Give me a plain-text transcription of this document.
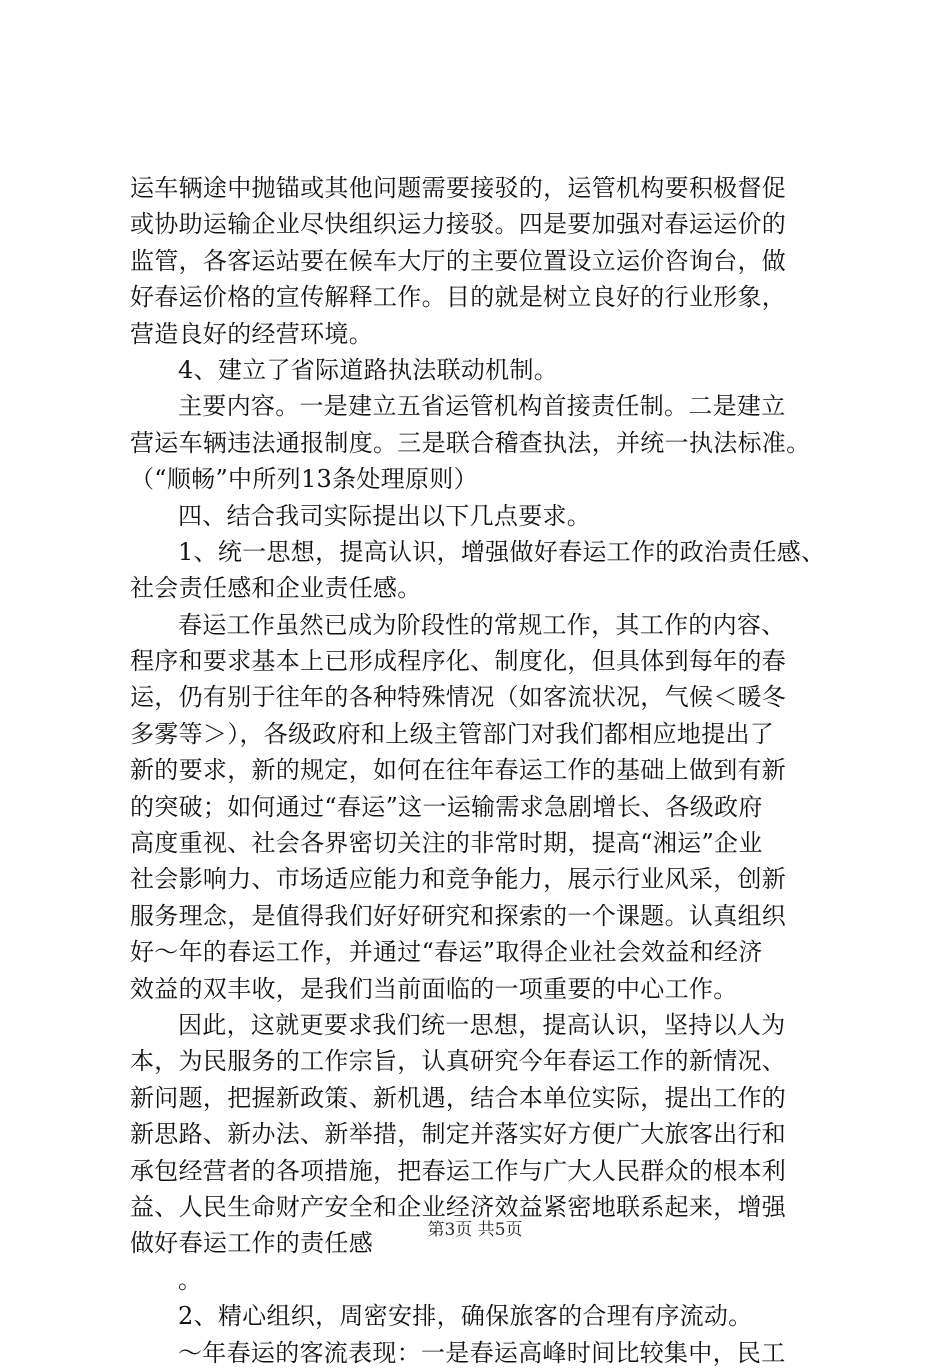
运车辆途中抛锚或其他问题需要接驳的，运管机构要积极督促
或协助运输企业尽快组织运力接驳。四是要加强对春运运价的
监管，各客运站要在候车大厅的主要位置设立运价咨询台，做
好春运价格的宣传解释工作。目的就是树立良好的行业形象，
营造良好的经营环境。
4、建立了省际道路执法联动机制。
主要内容。一是建立五省运管机构首接责任制。二是建立
营运车辆违法通报制度。三是联合稽查执法，并统一执法标准。
（“顺畅”中所列13条处理原则）
四、结合我司实际提出以下几点要求。
1、统一思想，提高认识，增强做好春运工作的政治责任感、
社会责任感和企业责任感。
春运工作虽然已成为阶段性的常规工作，其工作的内容、
程序和要求基本上已形成程序化、制度化，但具体到每年的春
运，仍有别于往年的各种特殊情况（如客流状况，气候＜暖冬
多雾等＞），各级政府和上级主管部门对我们都相应地提出了
新的要求，新的规定，如何在往年春运工作的基础上做到有新
的突破；如何通过“春运”这一运输需求急剧增长、各级政府
高度重视、社会各界密切关注的非常时期，提高“湘运”企业
社会影响力、市场适应能力和竞争能力，展示行业风采，创新
服务理念，是值得我们好好研究和探索的一个课题。认真组织
好～年的春运工作，并通过“春运”取得企业社会效益和经济
效益的双丰收，是我们当前面临的一项重要的中心工作。
因此，这就更要求我们统一思想，提高认识，坚持以人为
本，为民服务的工作宗旨，认真研究今年春运工作的新情况、
新问题，把握新政策、新机遇，结合本单位实际，提出工作的
新思路、新办法、新举措，制定并落实好方便广大旅客出行和
承包经营者的各项措施，把春运工作与广大人民群众的根本利
益、人民生命财产安全和企业经济效益紧密地联系起来，增强
做好春运工作的责任感
。
2、精心组织，周密安排，确保旅客的合理有序流动。
～年春运的客流表现：一是春运高峰时间比较集中，民工
第3页 共5页
